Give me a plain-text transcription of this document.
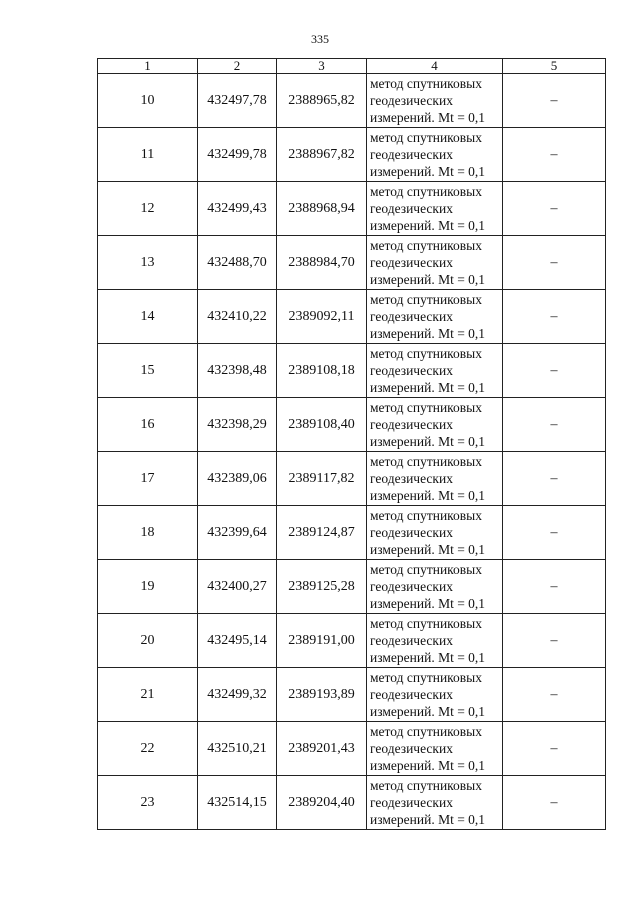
335
1	2	3	4	5
10	432497,78	2388965,82	метод спутниковых
геодезических
измерений. Mt = 0,1	–
11	432499,78	2388967,82	метод спутниковых
геодезических
измерений. Mt = 0,1	–
12	432499,43	2388968,94	метод спутниковых
геодезических
измерений. Mt = 0,1	–
13	432488,70	2388984,70	метод спутниковых
геодезических
измерений. Mt = 0,1	–
14	432410,22	2389092,11	метод спутниковых
геодезических
измерений. Mt = 0,1	–
15	432398,48	2389108,18	метод спутниковых
геодезических
измерений. Mt = 0,1	–
16	432398,29	2389108,40	метод спутниковых
геодезических
измерений. Mt = 0,1	–
17	432389,06	2389117,82	метод спутниковых
геодезических
измерений. Mt = 0,1	–
18	432399,64	2389124,87	метод спутниковых
геодезических
измерений. Mt = 0,1	–
19	432400,27	2389125,28	метод спутниковых
геодезических
измерений. Mt = 0,1	–
20	432495,14	2389191,00	метод спутниковых
геодезических
измерений. Mt = 0,1	–
21	432499,32	2389193,89	метод спутниковых
геодезических
измерений. Mt = 0,1	–
22	432510,21	2389201,43	метод спутниковых
геодезических
измерений. Mt = 0,1	–
23	432514,15	2389204,40	метод спутниковых
геодезических
измерений. Mt = 0,1	–
